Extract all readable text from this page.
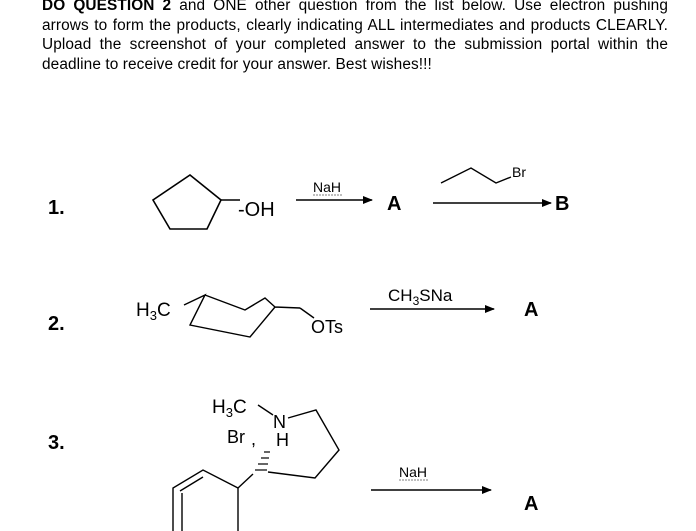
DO QUESTION 2 and ONE other question from the list below. Use electron pushing arrows to form the products, clearly indicating ALL intermediates and products CLEARLY. Upload the screenshot of your completed answer to the submission portal within the deadline to receive credit for your answer. Best wishes!!!
1.
2.
3.
-OH
NaH
A
Br
B
$H_3C$
OTs
$CH_3SNa$
A
$H_3C$
N
H
Br ,
NaH
A
